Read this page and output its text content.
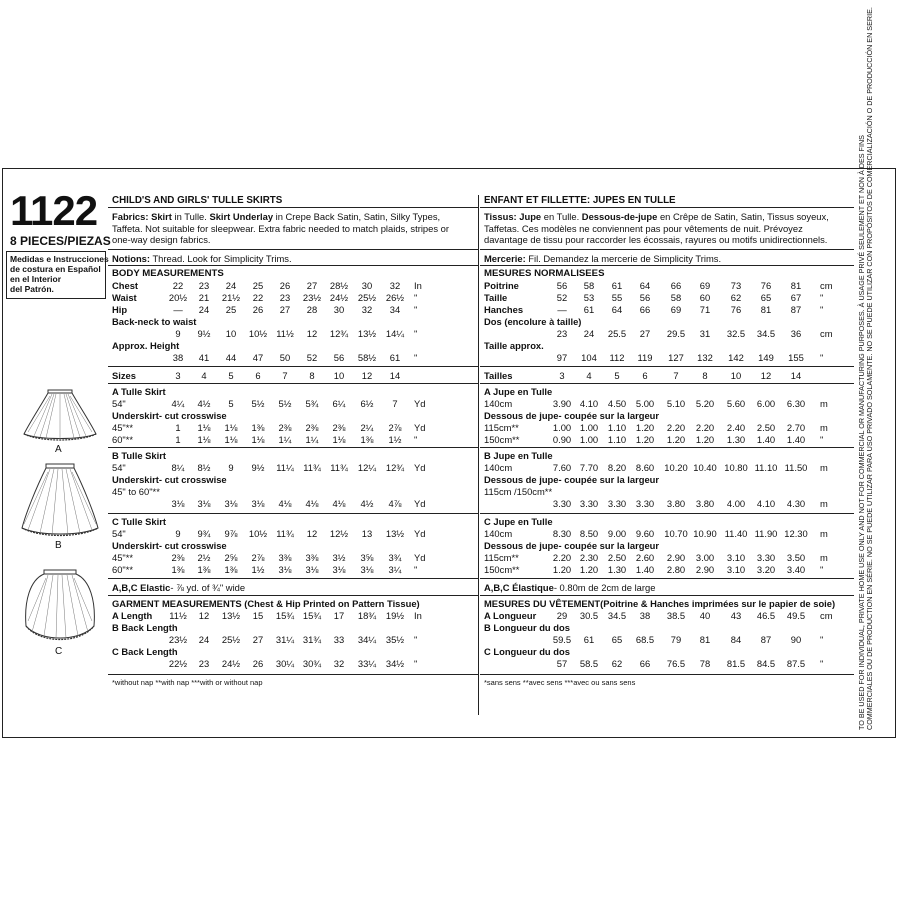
1122
8 PIECES/PIEZAS
Medidas e Instrucciones
de costura en Español
en el Interior
del Patrón.
A
B
C
CHILD'S AND GIRLS' TULLE SKIRTS
Fabrics: Skirt in Tulle. Skirt Underlay in Crepe Back Satin, Satin, Silky Types,
Taffeta. Not suitable for sleepwear. Extra fabric needed to match plaids, stripes or
one-way design fabrics.
Notions: Thread. Look for Simplicity Trims.
BODY MEASUREMENTS
Chest	22	23	24	25	26	27	28½	30	32	In
Waist	20½	21	21½	22	23	23½ 24½	25½	26½	"
Hip	—	24	25	26	27	28	30	32	34	"
Back-neck to waist
9	9½	10	10½ 11½	12	12¾	13½	14¼	"
Approx. Height
38	41	44	47	50	52	56	58½	61	"
Sizes	3	4	5	6	7	8	10	12	14
A Tulle Skirt
54"	4¼	4½	5	5½	5½	5¾	6¼	6½	7	Yd
Underskirt- cut crosswise
45"**	1	1⅛	1⅛	1⅜	2⅜	2⅜	2⅜	2¼	2⅞	Yd
60"**	1	1⅛	1⅛	1⅛	1¼	1¼	1⅛	1⅜	1½	"
B Tulle Skirt
54"	8¼	8½	9	9½	11¼	11¾	11¾	12¼	12¾	Yd
Underskirt- cut crosswise
45" to 60"**
3⅛	3⅛	3⅛	3⅛	4⅛	4⅛	4⅛	4½	4⅞	Yd
C Tulle Skirt
54"	9	9¾	9⅞	10½ 11¾	12	12½	13	13½	Yd
Underskirt- cut crosswise
45"**	2⅜	2½	2⅝	2⅞	3⅜	3⅜	3½	3⅝	3¾	Yd
60"**	1⅜	1⅜	1⅜	1½	3⅛	3⅛	3⅛	3⅛	3¼	"
A,B,C Elastic- ⅞ yd. of ¾" wide
GARMENT MEASUREMENTS (Chest & Hip Printed on Pattern Tissue)
A Length	11½	12	13½	15	15¾ 15¾	17	18¾	19½	In
B Back Length
23½	24	25½	27	31¼ 31¾	33	34¼	35½	"
C Back Length
22½	23	24½	26	30¼ 30¾	32	33¼	34½	"
*without nap **with nap ***with or without nap
ENFANT ET FILLETTE: JUPES EN TULLE
Tissus: Jupe en Tulle. Dessous-de-jupe en Crêpe de Satin, Satin, Tissus soyeux,
Taffetas. Ces modèles ne conviennent pas pour vêtements de nuit. Prévoyez
davantage de tissu pour raccorder les écossais, rayures ou motifs unidirectionnels.
Mercerie: Fil. Demandez la mercerie de Simplicity Trims.
MESURES NORMALISEES
Poitrine	56	58	61	64	66	69	73	76	81	cm
Taille	52	53	55	56	58	60	62	65	67	"
Hanches	—	61	64	66	69	71	76	81	87	"
Dos (encolure à taille)
23	24	25.5	27	29.5	31	32.5	34.5	36	cm
Taille approx.
97	104	112	119	127	132	142	149	155	"
Tailles	3	4	5	6	7	8	10	12	14
A Jupe en Tulle
140cm	3.90 4.10	4.50	5.00	5.10	5.20	5.60	6.00	6.30	m
Dessous de jupe- coupée sur la largeur
115cm**	1.00 1.00	1.10	1.20	2.20	2.20	2.40	2.50	2.70	m
150cm**	0.90 1.00	1.10	1.20	1.20	1.20	1.30	1.40	1.40	"
B Jupe en Tulle
140cm	7.60 7.70	8.20	8.60	10.20 10.40 10.80 11.10 11.50 m
Dessous de jupe- coupée sur la largeur
115cm /150cm**
3.30 3.30	3.30	3.30	3.80	3.80	4.00	4.10	4.30	m
C Jupe en Tulle
140cm	8.30 8.50	9.00	9.60	10.70 10.90 11.40 11.90 12.30 m
Dessous de jupe- coupée sur la largeur
115cm**	2.20 2.30	2.50	2.60	2.90	3.00	3.10	3.30	3.50	m
150cm**	1.20 1.20	1.30	1.40	2.80	2.90	3.10	3.20	3.40	"
A,B,C Élastique- 0.80m de 2cm de large
MESURES DU VÊTEMENT(Poitrine & Hanches imprimées sur le papier de soie)
A Longueur	29	30.5	34.5	38	38.5	40	43	46.5	49.5	cm
B Longueur du dos
59.5	61	65	68.5	79	81	84	87	90	"
C Longueur du dos
57	58.5	62	66	76.5	78	81.5	84.5	87.5	"
*sans sens **avec sens ***avec ou sans sens	TO BE USED FOR INDIVIDUAL, PRIVATE HOME USE ONLY AND NOT FOR COMMERCIAL OR MANUFACTURING PURPOSES. À USAGE PRIVÉ SEULEMENT ET NON À DES FINS COMMERCIALES OU DE PRODUCTION EN SÉRIE. NO SE PUEDE UTILIZAR PARA USO PRIVADO SOLAMENTE. NO SE PUEDE UTILIZAR CON PROPÓSITOS DE COMERCIALIZACIÓN O DE PRODUCCIÓN EN SERIE.
